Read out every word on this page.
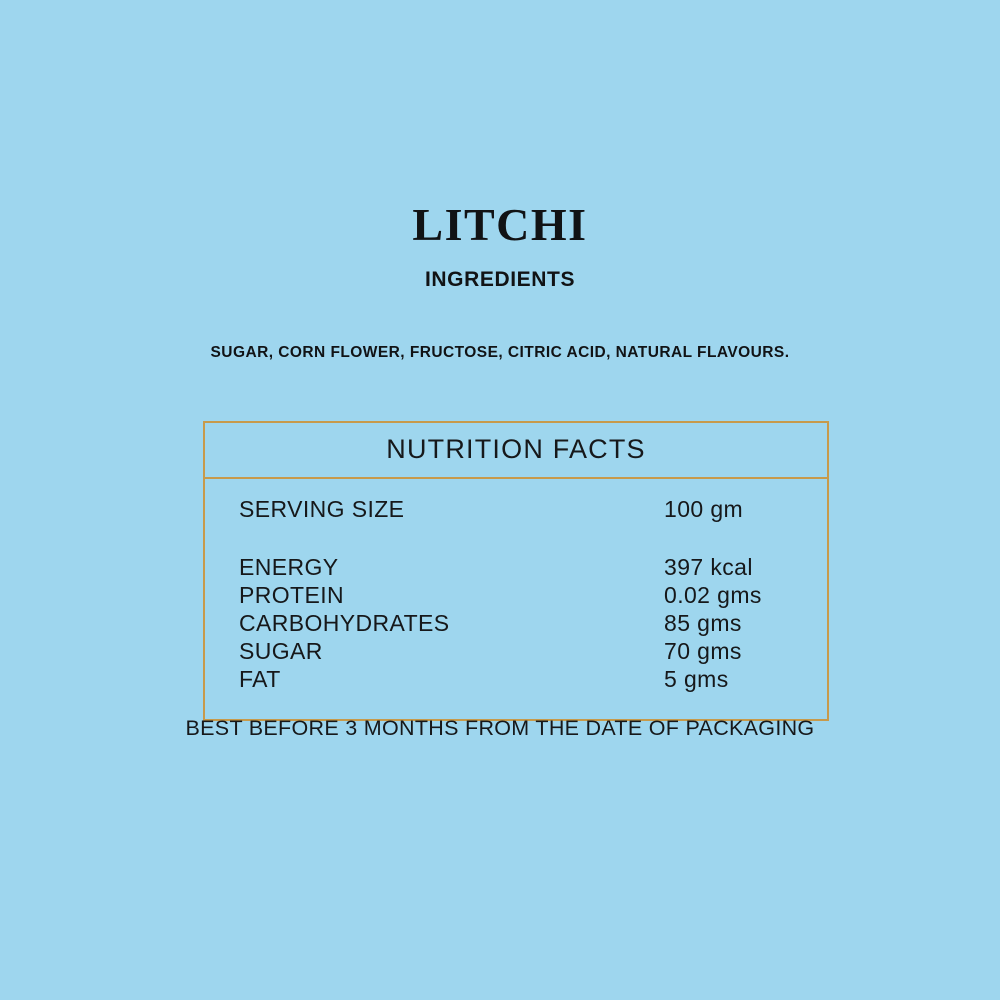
LITCHI
INGREDIENTS
SUGAR, CORN FLOWER, FRUCTOSE, CITRIC ACID, NATURAL FLAVOURS.
NUTRITION FACTS
SERVING SIZE	100 gm
ENERGY	397 kcal
PROTEIN	0.02 gms
CARBOHYDRATES	85 gms
SUGAR	70 gms
FAT	5 gms
BEST BEFORE 3 MONTHS FROM THE DATE OF PACKAGING
